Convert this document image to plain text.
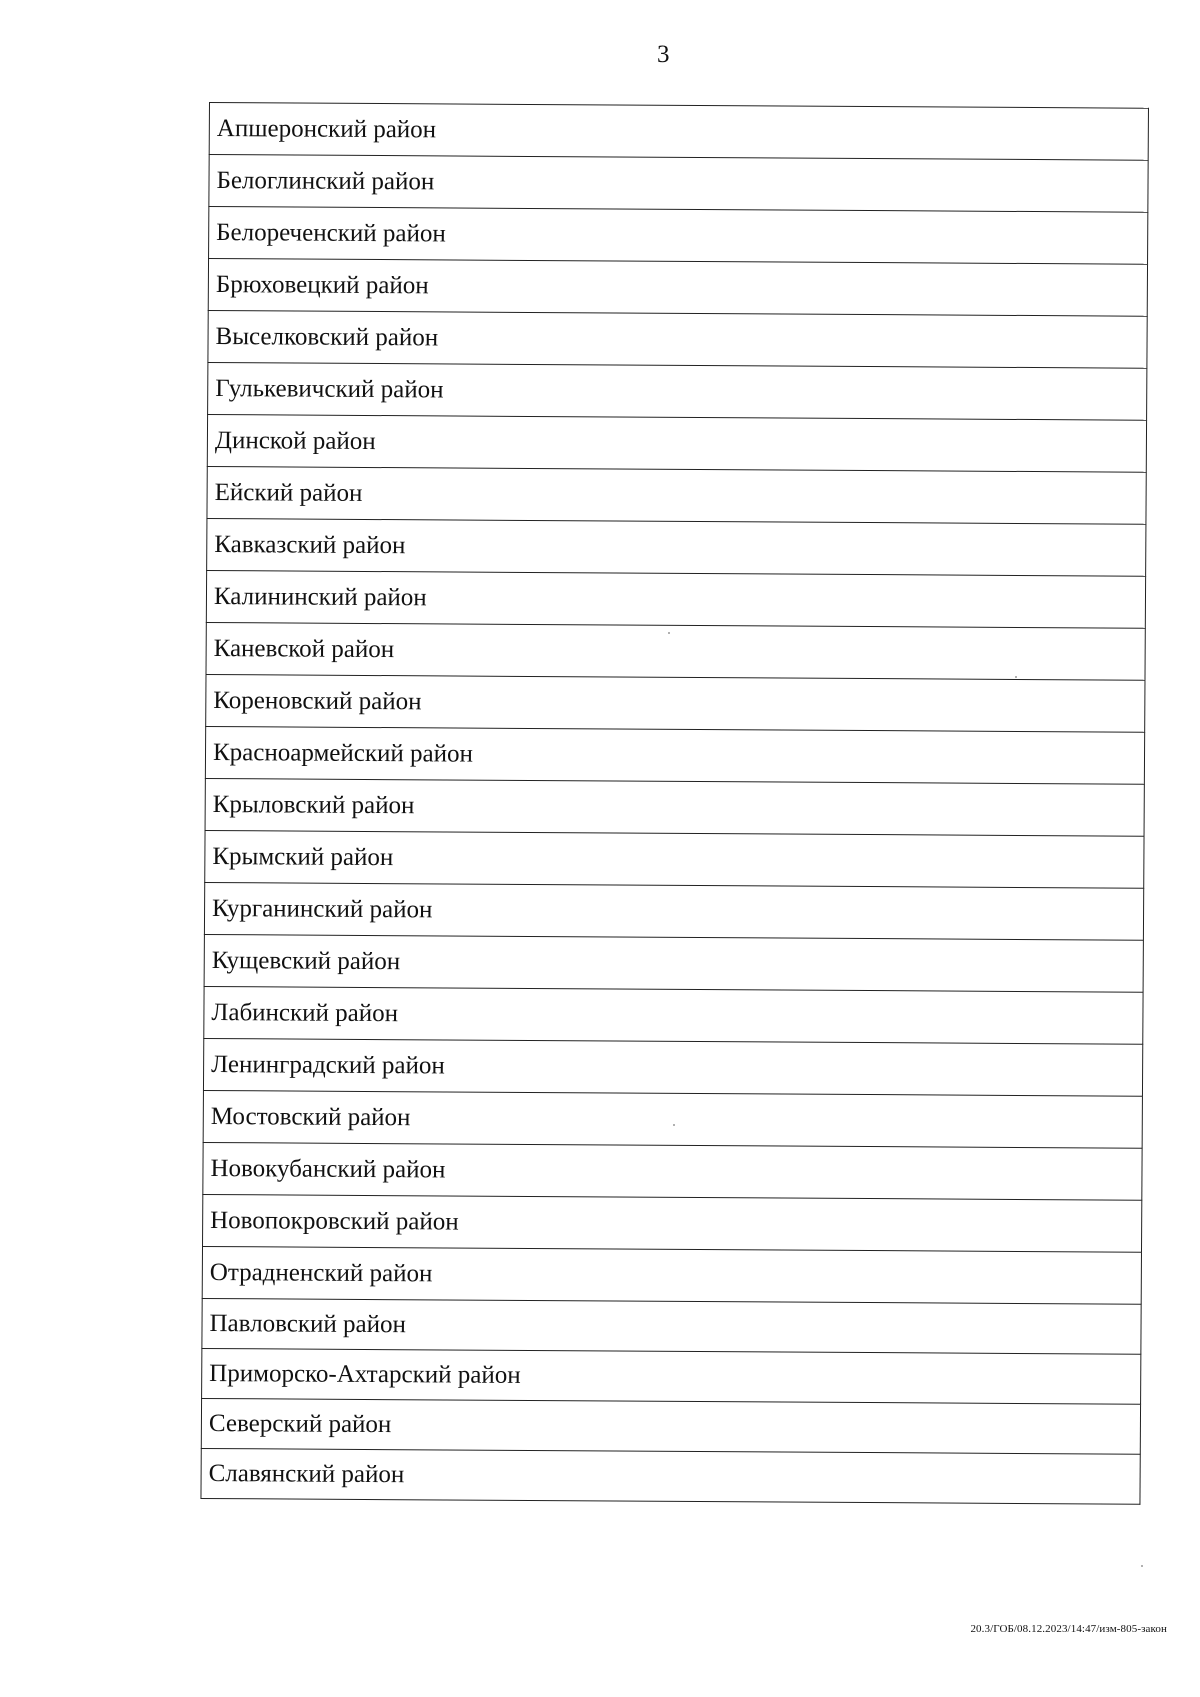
3
Апшеронский район
Белоглинский район
Белореченский район
Брюховецкий район
Выселковский район
Гулькевичский район
Динской район
Ейский район
Кавказский район
Калининский район
Каневской район
Кореновский район
Красноармейский район
Крыловский район
Крымский район
Курганинский район
Кущевский район
Лабинский район
Ленинградский район
Мостовский район
Новокубанский район
Новопокровский район
Отрадненский район
Павловский район
Приморско-Ахтарский район
Северский район
Славянский район
20.3/ГОБ/08.12.2023/14:47/изм-805-закон
